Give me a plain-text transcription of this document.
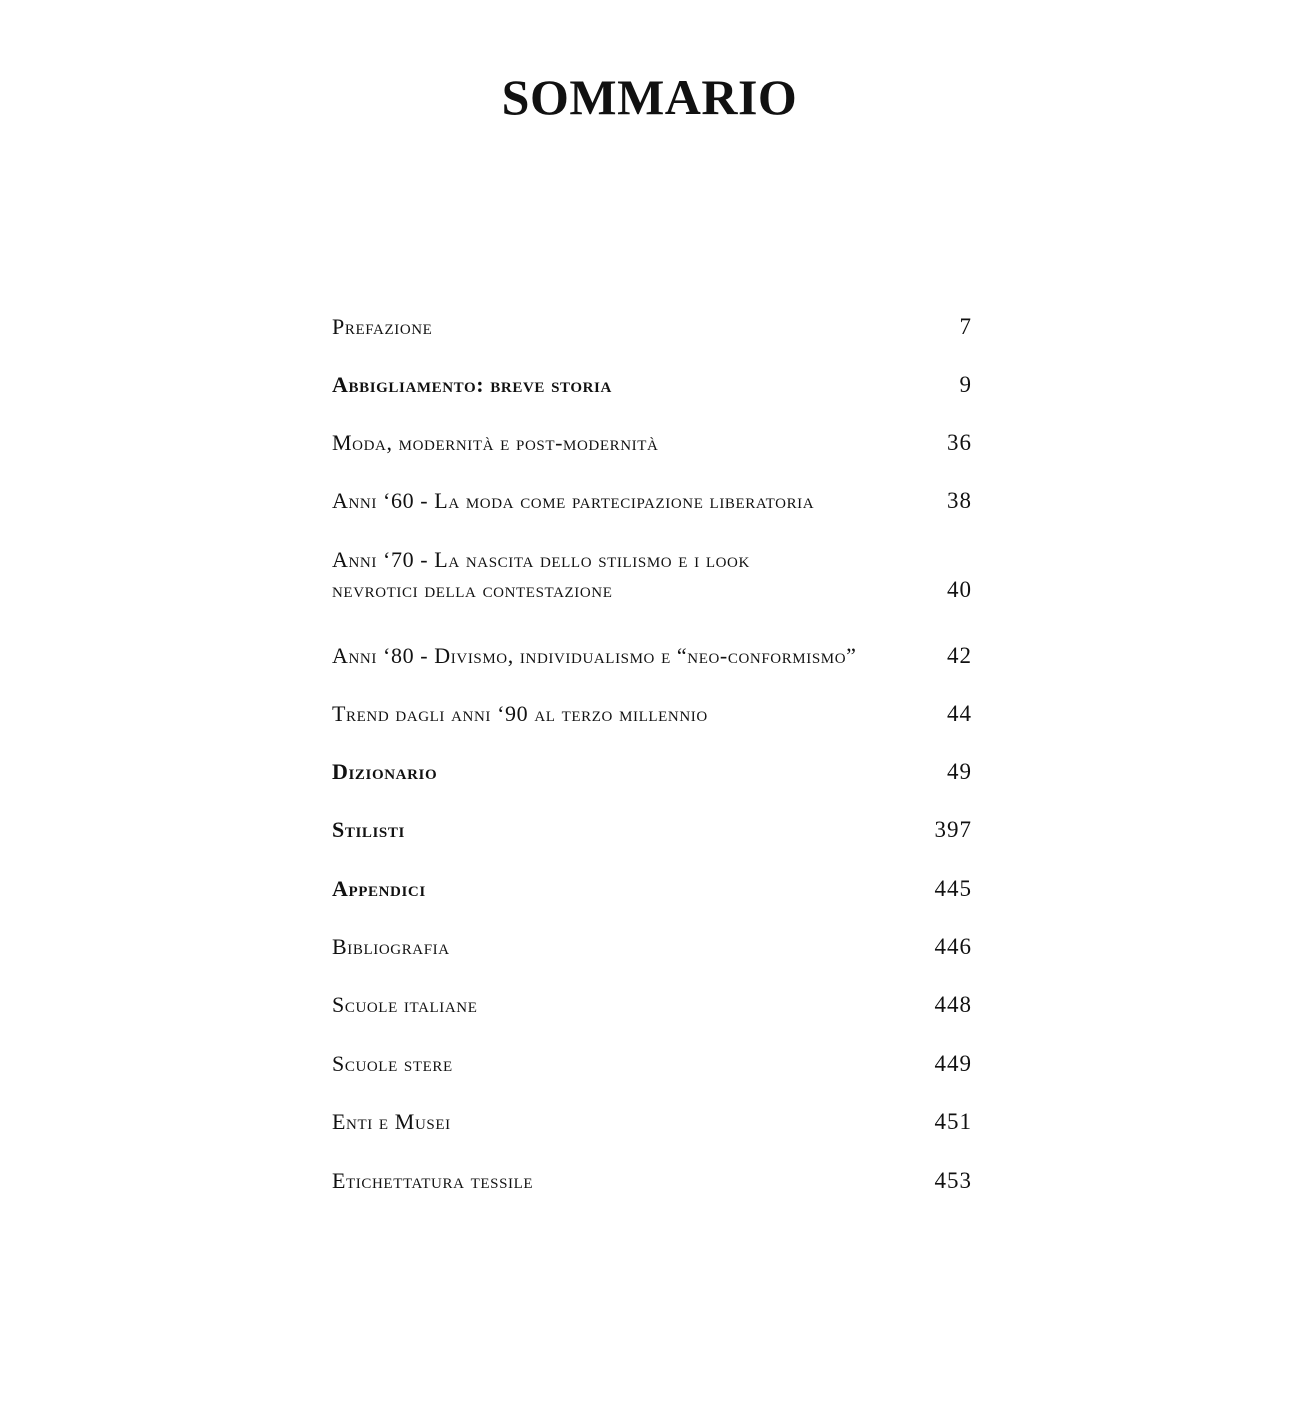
SOMMARIO
Prefazione	7
Abbigliamento: breve storia	9
Moda, modernità e post-modernità	36
Anni ‘60 - La moda come partecipazione liberatoria	38
Anni ‘70 - La nascita dello stilismo e i look
nevrotici della contestazione	40
Anni ‘80 - Divismo, individualismo e “neo-conformismo”	42
Trend dagli anni ‘90 al terzo millennio	44
Dizionario	49
Stilisti	397
Appendici	445
Bibliografia	446
Scuole italiane	448
Scuole stere	449
Enti e Musei	451
Etichettatura tessile	453
